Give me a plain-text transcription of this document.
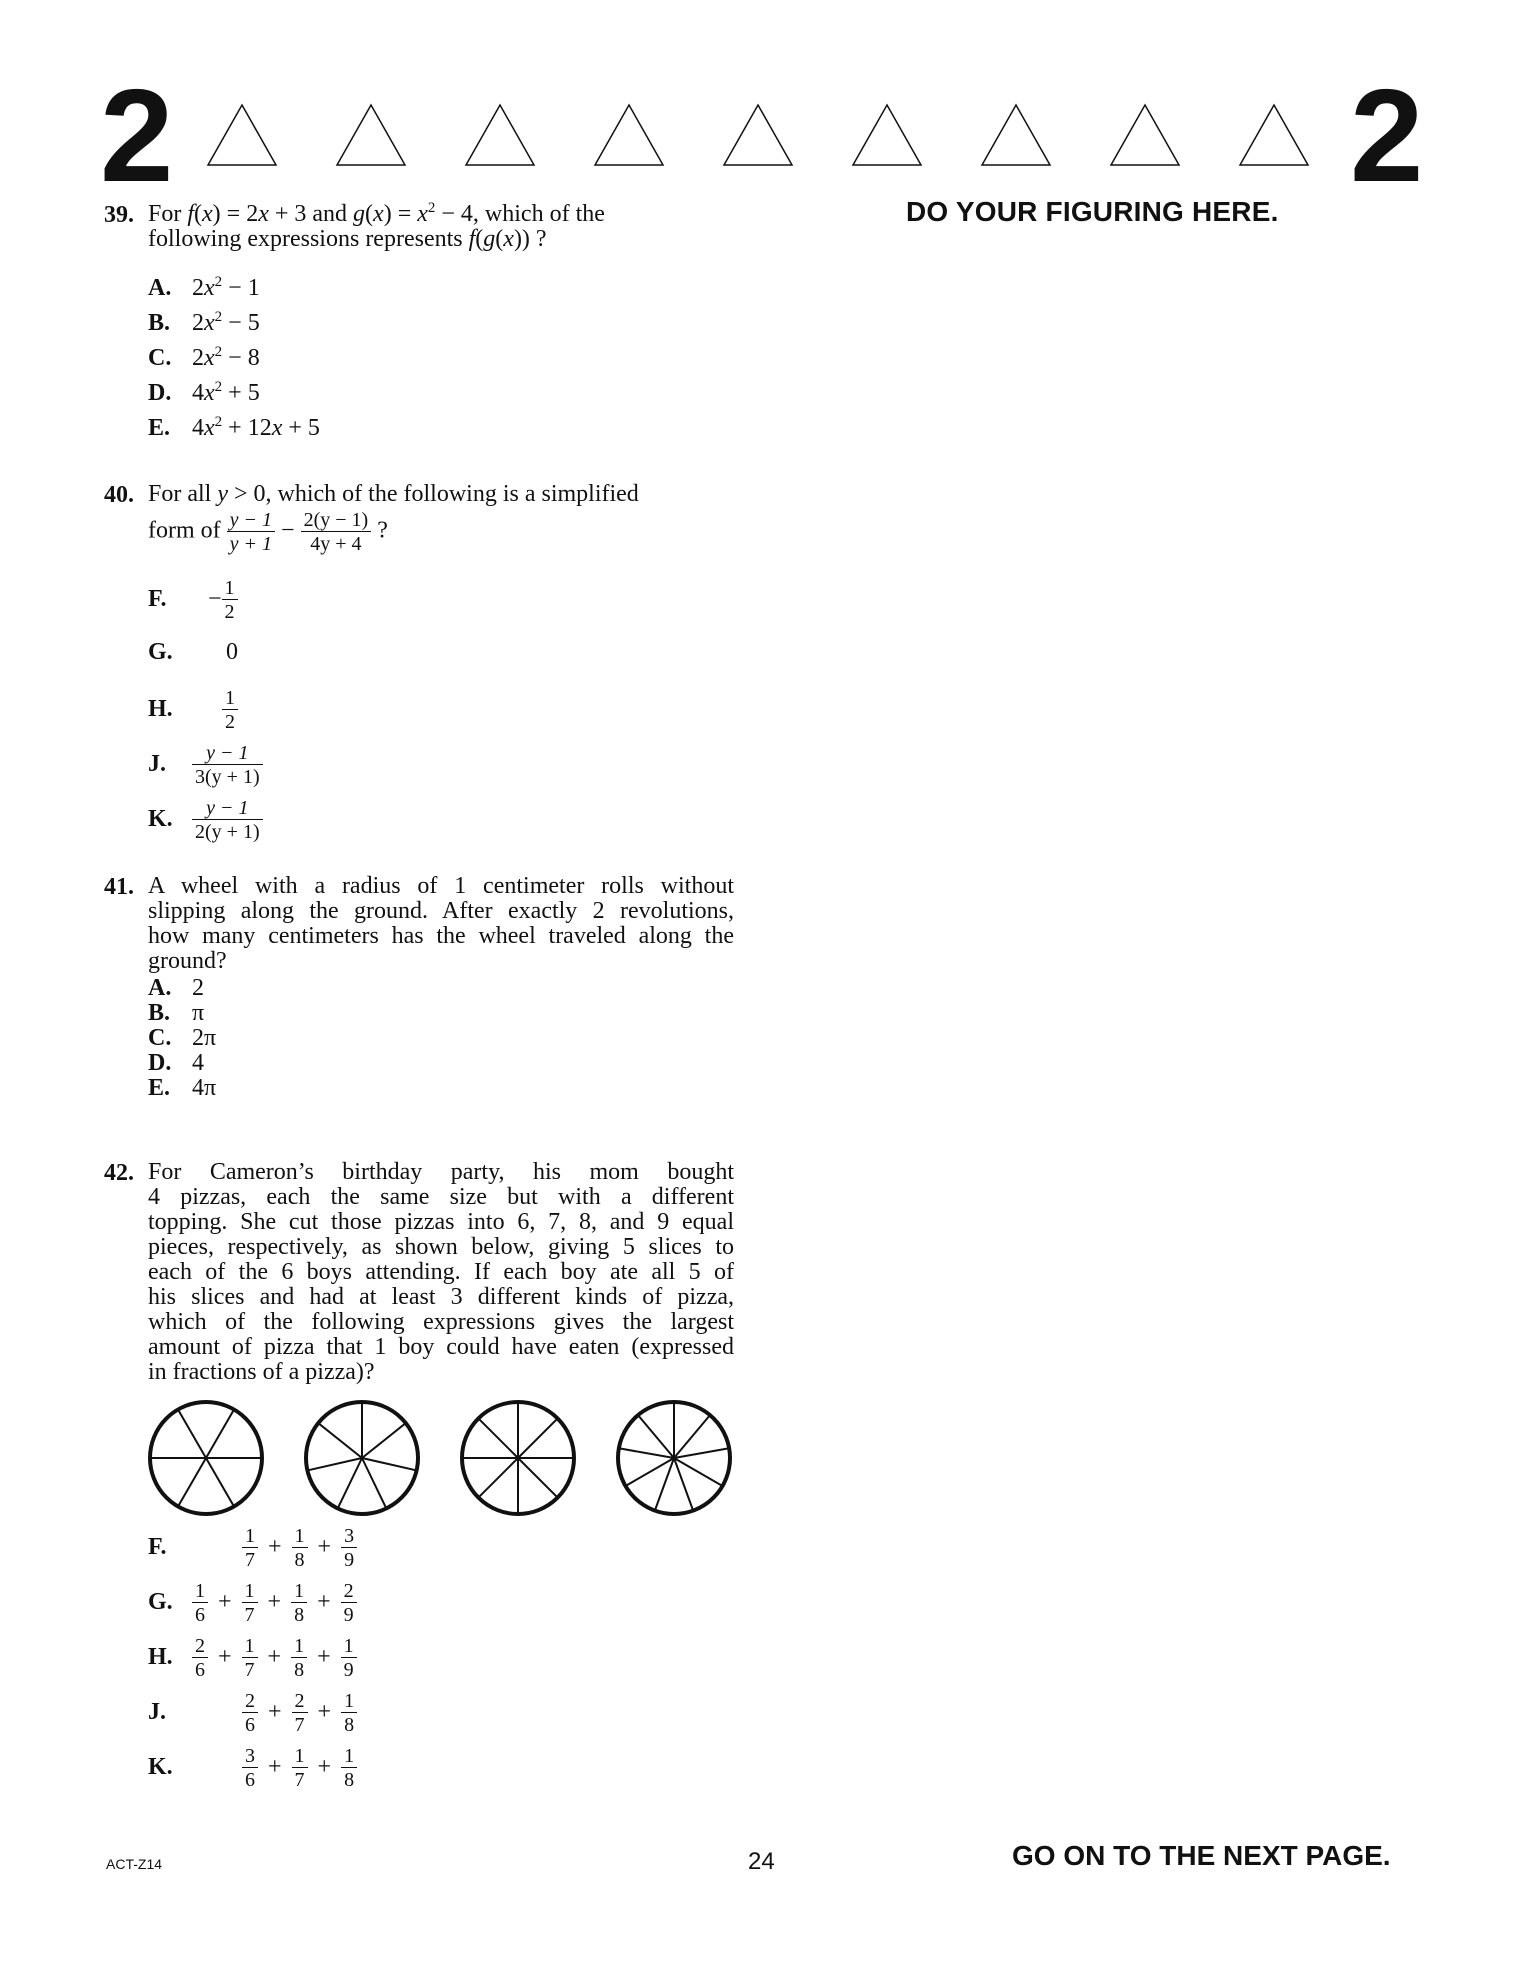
2	2
DO YOUR FIGURING HERE.
39. For f(x) = 2x + 3 and $g(x) = x^2 - 4$, which of the
following expressions represents f(g(x)) ?
A. $2x^2 - 1$
B. $2x^2 - 5$
C. $2x^2 - 8$
D. $4x^2 + 5$
E. $4x^2 + 12x + 5$
40. For all y > 0, which of the following is a simplified
form of $\frac{y - 1}{y + 1} - \frac{2(y - 1)}{4y + 4}$ ?
F. − $\frac{1}{2}$
G. 0
H. $\frac{1}{2}$
J. $\frac{y - 1}{3(y + 1)}$
K. $\frac{y - 1}{2(y + 1)}$
41. A wheel with a radius of 1 centimeter rolls without
slipping along the ground. After exactly 2 revolutions,
how many centimeters has the wheel traveled along the
ground?
A. 2
B. π
C. 2π
D. 4
E. 4π
42. For Cameron’s birthday party, his mom bought
4 pizzas, each the same size but with a different
topping. She cut those pizzas into 6, 7, 8, and 9 equal
pieces, respectively, as shown below, giving 5 slices to
each of the 6 boys attending. If each boy ate all 5 of
his slices and had at least 3 different kinds of pizza,
which of the following expressions gives the largest
amount of pizza that 1 boy could have eaten (expressed
in fractions of a pizza)?
F.	$\frac{1}{7} + \frac{1}{8} + \frac{3}{9}$
G. $\frac{1}{6} + \frac{1}{7} + \frac{1}{8} + \frac{2}{9}$
H. $\frac{2}{6} + \frac{1}{7} + \frac{1}{8} + \frac{1}{9}$
J.	$\frac{2}{6} + \frac{2}{7} + \frac{1}{8}$
K.	$\frac{3}{6} + \frac{1}{7} + \frac{1}{8}$
ACT-Z14	24	GO ON TO THE NEXT PAGE.
